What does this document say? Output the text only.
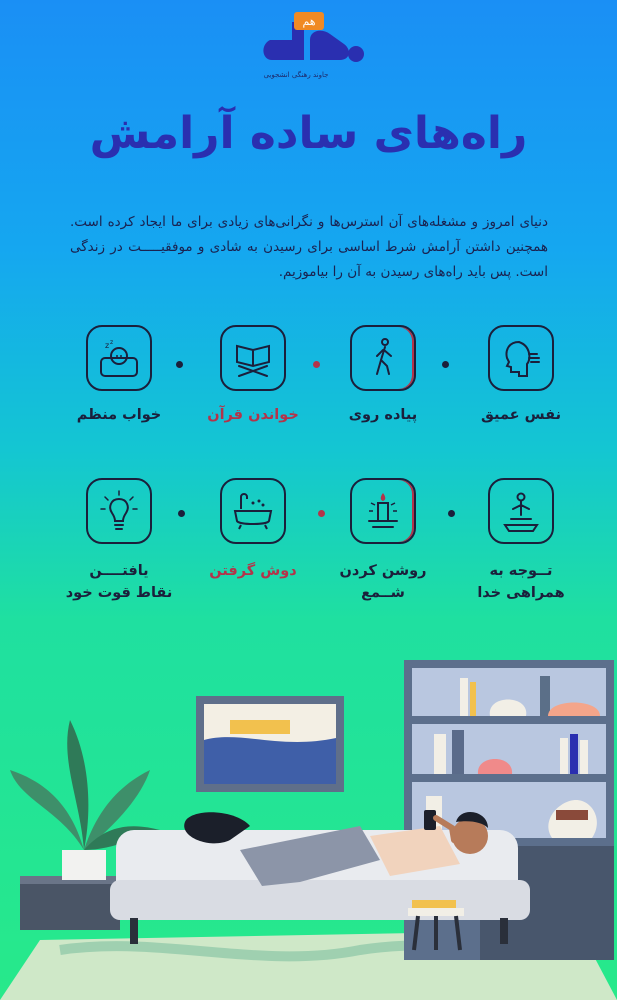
هم
جاوند رهنگی انشجویی
راه‌های ساده آرامش
دنیای امروز و مشغله‌های آن استرس‌ها و نگرانی‌های زیادی برای ما ایجاد کرده است. همچنین داشتن آرامش شرط اساسی برای رسیدن به شادی و موفقیـــــت در زندگی است. پس باید راه‌های رسیدن به آن را بیاموزیم.
z z
نفس عمیق
پیاده روی
خواندن قرآن
خواب منظم
تــوجه به
همراهی خدا
روشن کردن
شــمع
دوش گرفتن
یافتــــن
نقاط قوت خود
